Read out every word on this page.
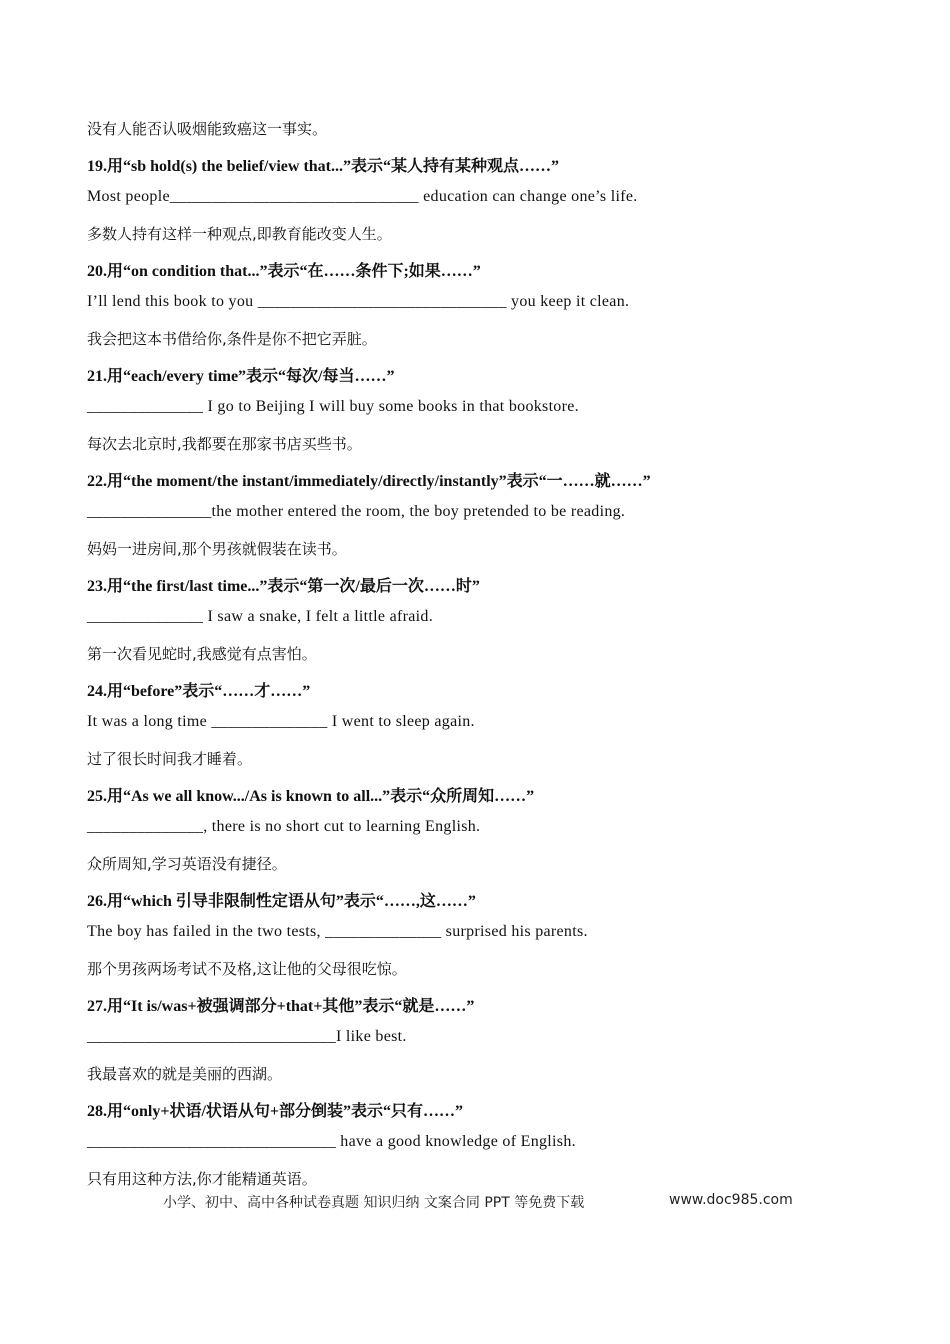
没有人能否认吸烟能致癌这一事实。
19.用“sb hold(s) the belief/view that...”表示“某人持有某种观点……”
Most people______________________________ education can change one’s life.
多数人持有这样一种观点,即教育能改变人生。
20.用“on condition that...”表示“在……条件下;如果……”
I’ll lend this book to you ______________________________ you keep it clean.
我会把这本书借给你,条件是你不把它弄脏。
21.用“each/every time”表示“每次/每当……”
______________ I go to Beijing I will buy some books in that bookstore.
每次去北京时,我都要在那家书店买些书。
22.用“the moment/the instant/immediately/directly/instantly”表示“一……就……”
_______________the mother entered the room, the boy pretended to be reading.
妈妈一进房间,那个男孩就假装在读书。
23.用“the first/last time...”表示“第一次/最后一次……时”
______________ I saw a snake, I felt a little afraid.
第一次看见蛇时,我感觉有点害怕。
24.用“before”表示“……才……”
It was a long time ______________ I went to sleep again.
过了很长时间我才睡着。
25.用“As we all know.../As is known to all...”表示“众所周知……”
______________, there is no short cut to learning English.
众所周知,学习英语没有捷径。
26.用“which 引导非限制性定语从句”表示“……,这……”
The boy has failed in the two tests, ______________ surprised his parents.
那个男孩两场考试不及格,这让他的父母很吃惊。
27.用“It is/was+被强调部分+that+其他”表示“就是……”
______________________________I like best.
我最喜欢的就是美丽的西湖。
28.用“only+状语/状语从句+部分倒装”表示“只有……”
______________________________ have a good knowledge of English.
只有用这种方法,你才能精通英语。
小学、初中、高中各种试卷真题 知识归纳 文案合同 PPT 等免费下载	www.doc985.com
